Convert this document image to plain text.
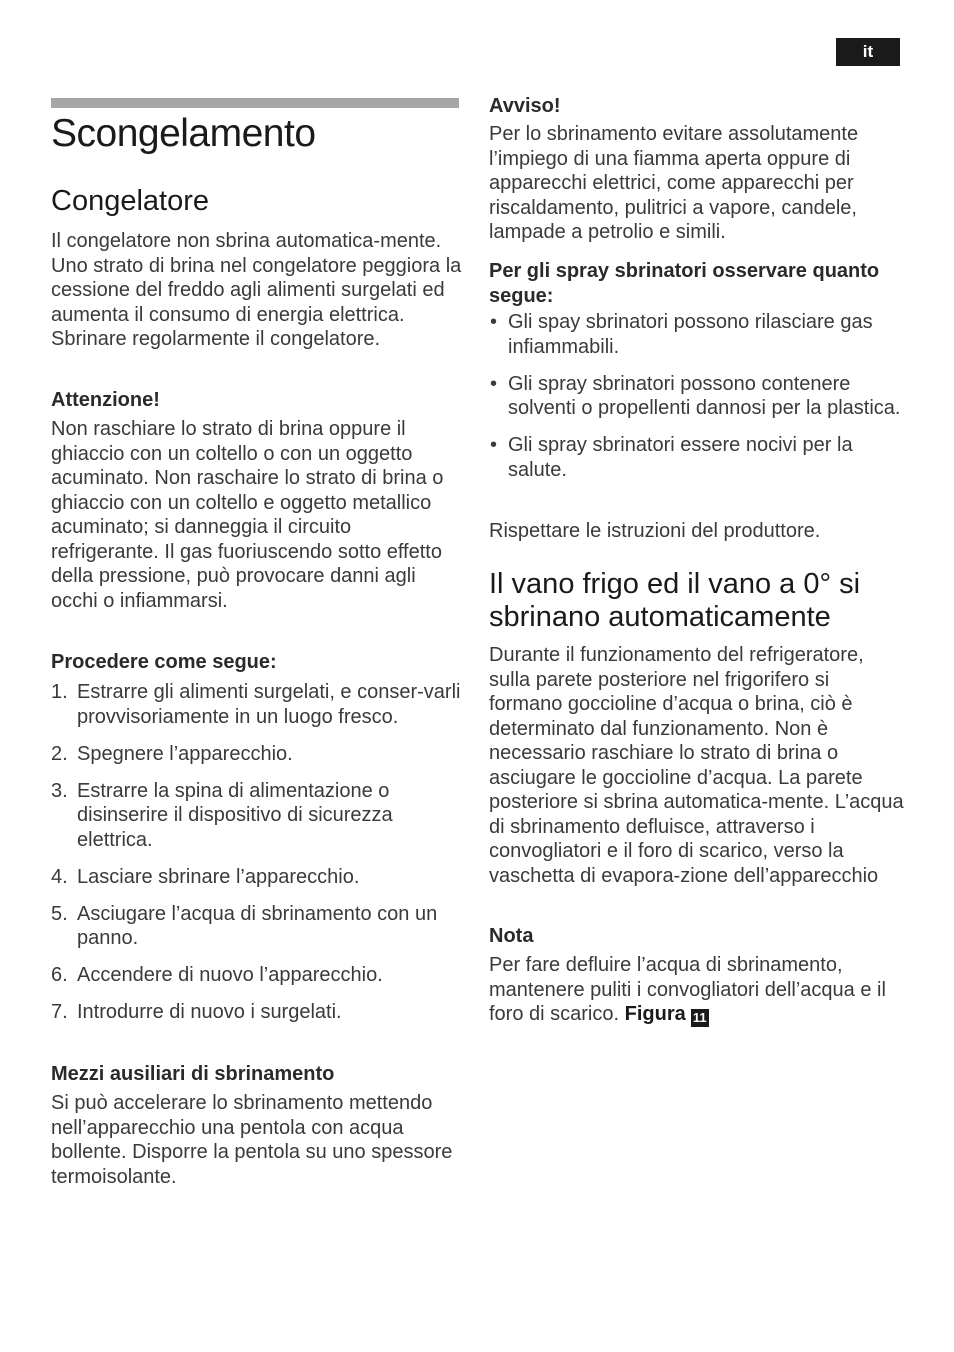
it
Scongelamento
Congelatore

Il congelatore non sbrina automatica-mente. Uno strato di brina nel congelatore peggiora la cessione del freddo agli alimenti surgelati ed aumenta il consumo di energia elettrica. Sbrinare regolarmente il congelatore.

Attenzione!

Non raschiare lo strato di brina oppure il ghiaccio con un coltello o con un oggetto acuminato. Non raschaire lo strato di brina o ghiaccio con un coltello e oggetto metallico acuminato; si danneggia il circuito refrigerante. Il gas fuoriuscendo sotto effetto della pressione, può provocare danni agli occhi o infiammarsi.

Procedere come segue:

1. Estrarre gli alimenti surgelati, e conser-varli provvisoriamente in un luogo fresco.
2. Spegnere l’apparecchio.
3. Estrarre la spina di alimentazione o disinserire il dispositivo di sicurezza elettrica.
4. Lasciare sbrinare l’apparecchio.
5. Asciugare l’acqua di sbrinamento con un panno.
6. Accendere di nuovo l’apparecchio.
7. Introdurre di nuovo i surgelati.

Mezzi ausiliari di sbrinamento

Si può accelerare lo sbrinamento mettendo nell’apparecchio una pentola con acqua bollente. Disporre la pentola su uno spessore termoisolante.

Avviso!

Per lo sbrinamento evitare assolutamente l’impiego di una fiamma aperta oppure di apparecchi elettrici, come apparecchi per riscaldamento, pulitrici a vapore, candele, lampade a petrolio e simili.

Per gli spray sbrinatori osservare quanto segue:

• Gli spay sbrinatori possono rilasciare gas infiammabili.
• Gli spray sbrinatori possono contenere solventi o propellenti dannosi per la plastica.
• Gli spray sbrinatori essere nocivi per la salute.

Rispettare le istruzioni del produttore.

Il vano frigo ed il vano a 0° si sbrinano automaticamente

Durante il funzionamento del refrigeratore, sulla parete posteriore nel frigorifero si formano goccioline d’acqua o brina, ciò è determinato dal funzionamento. Non è necessario raschiare lo strato di brina o asciugare le goccioline d’acqua. La parete posteriore si sbrina automatica-mente. L’acqua di sbrinamento defluisce, attraverso i convogliatori e il foro di scarico, verso la vaschetta di evapora-zione dell’apparecchio

Nota

Per fare defluire l’acqua di sbrinamento, mantenere puliti i convogliatori dell’acqua e il foro di scarico. Figura 11
